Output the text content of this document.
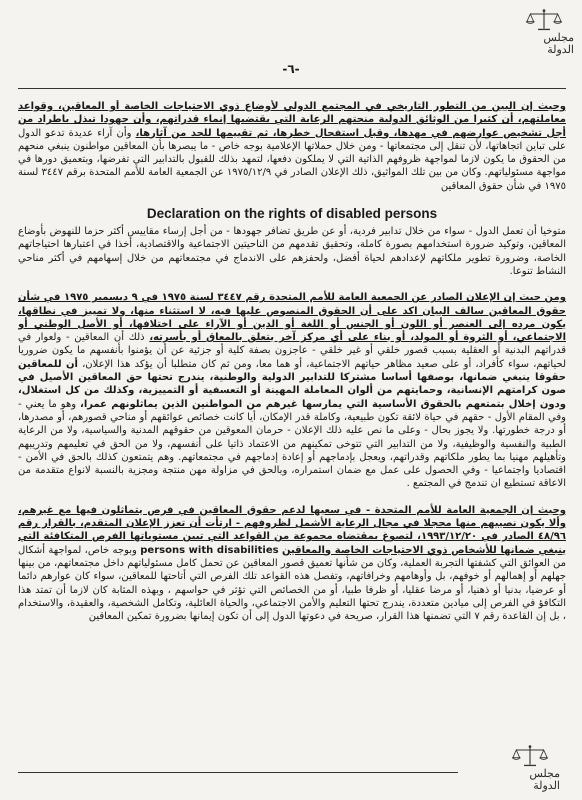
مجلس الدولة
-٦-

وحيث إن البين من التطور التاريخي في المجتمع الدولي لأوضاع ذوي الاحتياجات الخاصة أو المعاقين، وقواعد معاملتهم، أن كثيرا من الوثائق الدولية منحتهم الرعاية التي يقتضيها إنماء قدراتهم، وأن جهودا تبذل باطراد من أجل تشخيص عوارضهم في مهدها، وقبل استفحال خطرها، ثم تقييمها للحد من آثارها، وأن آراء عديدة تدعو الدول على تباين اتجاهاتها، لأن تنقل إلى مجتمعاتها - ومن خلال حملاتها الإعلامية بوجه خاص - ما يبصرها بأن المعاقين مواطنون ينبغي منحهم من الحقوق ما يكون لازما لمواجهة ظروفهم الذاتية التي لا يملكون دفعها، لتمهد بذلك للقبول بالتدابير التي تفرضها، وبتعميق دورها في مواجهة مسئولياتهم. وكان من بين تلك المواثيق، ذلك الإعلان الصادر في ١٩٧٥/١٢/٩ عن الجمعية العامة للأمم المتحدة برقم ٣٤٤٧ لسنة ١٩٧٥ في شأن حقوق المعاقين

Declaration on the rights of disabled persons

متوخيا أن تعمل الدول - سواء من خلال تدابير فردية، أو عن طريق تضافر جهودها - من أجل إرساء مقاييس أكثر حزما للنهوض بأوضاع المعاقين، وتوكيد ضرورة استخدامهم بصورة كاملة، وتحقيق تقدمهم من الناحيتين الاجتماعية والاقتصادية، أخذا في اعتبارها احتياجاتهم الخاصة، وضرورة تطوير ملكاتهم لإعدادهم لحياة أفضل، ولحفزهم على الاندماج في مجتمعاتهم من خلال إسهامهم في أكثر مناحي النشاط تنوعا.

ومن حيث إن الإعلان الصادر عن الجمعية العامة للأمم المتحدة رقم ٣٤٤٧ لسنة ١٩٧٥ في ٩ ديسمبر ١٩٧٥ في شأن حقوق المعاقين سالف البيان اكد على أن الحقوق المنصوص عليها فيه، لا استثناء منها، ولا تمييز في نطاقها، يكون مرده إلى العنصر أو اللون أو الجنس أو اللغة أو الدين أو الآراء على اختلافها، أو الأصل الوطني أو الاجتماعي، أو الثروة أو المولد، أو بناء على أي مركز آخر يتعلق بالمعاق أو بأسرته، ذلك أن المعاقين - ولعوار في قدراتهم البدنية أو العقلية بسبب قصور خلقي أو غير خلقي - عاجزون بصفة كلية أو جزئية عن أن يؤمنوا بأنفسهم ما يكون ضروريا لحياتهم، سواء كأفراد، أو على صعيد مظاهر حياتهم الاجتماعية، أو هما معا، ومن ثم كان متطلبا أن يؤكد هذا الإعلان، أن للمعاقين حقوقا ينبغي ضمانها، بوصفها أساسا مشتركا للتدابير الدولية والوطنية، يندرج تحتها حق المعاقين الأصيل في صون كرامتهم الإنسانية، وحمايتهم من ألوان المعاملة المهينة أو التعسفية أو التمييزية، وكذلك من كل استغلال، ودون إخلال بتمتعهم بالحقوق الأساسية التي يمارسها غيرهم من المواطنين الذين يماثلونهم عمرا، وهو ما يعني - وفي المقام الأول - حقهم في حياة لائقة تكون طبيعية، وكاملة قدر الإمكان، أيا كانت خصائص عوائقهم أو مناحي قصورهم، أو مصدرها، أو درجة خطورتها. ولا يجوز بحال - وعلى ما نص عليه ذلك الإعلان - حرمان المعوقين من حقوقهم المدنية والسياسية، ولا من الرعاية الطبية والنفسية والوظيفية، ولا من التدابير التي تتوخى تمكينهم من الاعتماد ذاتيا على أنفسهم، ولا من الحق في تعليمهم وتدريبهم وتأهيلهم مهنيا بما يطور ملكاتهم وقدراتهم، ويعجل بإدماجهم أو إعادة إدماجهم في مجتمعاتهم. وهم يتمتعون كذلك بالحق في الأمن - اقتصاديا واجتماعيا - وفي الحصول على عمل مع ضمان استمراره، وبالحق في مزاولة مهن منتجة ومجزية بالنسبة لانواع متقدمة من الاعاقة تستطيع ان تندمج في المجتمع .

وحيث إن الجمعية العامة للأمم المتحدة - في سعيها لدعم حقوق المعاقين في فرص يتماثلون فيها مع غيرهم، وألا يكون نصيبهم منها محجلا في مجال الرعاية الأشمل لظروفهم - ارتأت أن تعزز الإعلان المتقدم، بالقرار رقم ٤٨/٩٦ الصادر في ١٩٩٣/١٢/٢٠، لتصوغ بمقتضاه مجموعة من القواعد التي تبين مستوياتها الفرص المتكافئة التي ينبغي ضمانها للأشخاص ذوي الاحتياجات الخاصة والمعاقين persons with disabilities وبوجه خاص، لمواجهة أشكال من العوائق التي كشفتها التجربة العملية، وكان من شأنها تعميق قصور المعاقين عن تحمل كامل مسئولياتهم داخل مجتمعاتهم، من بينها جهلهم أو إهمالهم أو خوفهم، بل وأوهامهم وخرافاتهم، وتفصل هذه القواعد تلك الفرص التي أتاحتها للمعاقين، سواء كان عوارهم دائما أو عرضيا، بدنيا أو ذهنيا، أو مرضا عقليا، أو ظرفا طبيا، أو من الخصائص التي تؤثر في حواسهم ، وبهذه المثابة كان لازما أن تمتد هذا التكافؤ في الفرص إلى ميادين متعددة، يندرج تحتها التعليم والأمن الاجتماعي، والحياة العائلية، وتكامل الشخصية، والعقيدة، والاستخدام ، بل إن القاعدة رقم ٧ التي تضمنها هذا القرار، صريحة في دعوتها الدول إلى أن تكون إيمانها بضرورة تمكين المعاقين

مجلس الدولة
